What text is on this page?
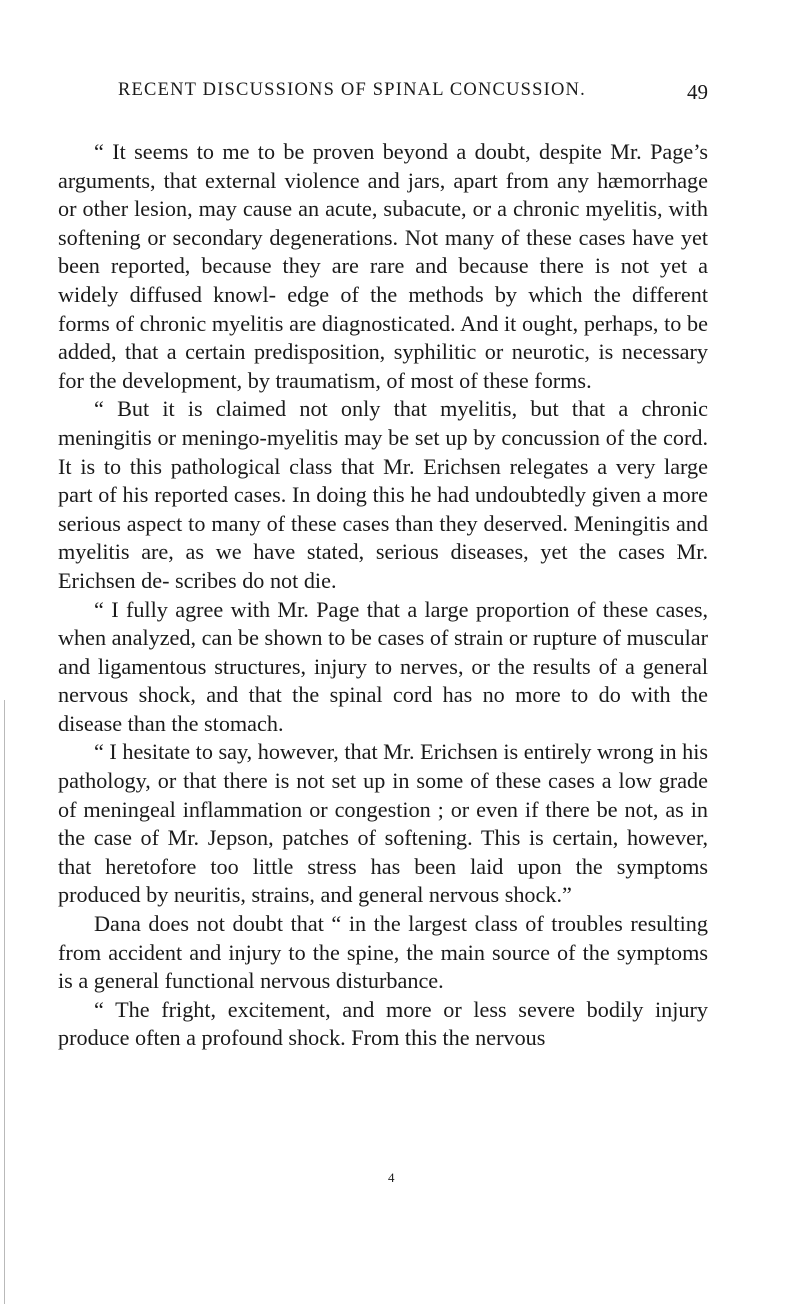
RECENT DISCUSSIONS OF SPINAL CONCUSSION.	49

“ It seems to me to be proven beyond a doubt, despite Mr. Page’s arguments, that external violence and jars, apart from any hæmorrhage or other lesion, may cause an acute, subacute, or a chronic myelitis, with softening or secondary degenerations. Not many of these cases have yet been reported, because they are rare and because there is not yet a widely diffused knowl- edge of the methods by which the different forms of chronic myelitis are diagnosticated. And it ought, perhaps, to be added, that a certain predisposition, syphilitic or neurotic, is necessary for the development, by traumatism, of most of these forms.

“ But it is claimed not only that myelitis, but that a chronic meningitis or meningo-myelitis may be set up by concussion of the cord. It is to this pathological class that Mr. Erichsen relegates a very large part of his reported cases. In doing this he had undoubtedly given a more serious aspect to many of these cases than they deserved. Meningitis and myelitis are, as we have stated, serious diseases, yet the cases Mr. Erichsen de- scribes do not die.

“ I fully agree with Mr. Page that a large proportion of these cases, when analyzed, can be shown to be cases of strain or rupture of muscular and ligamentous structures, injury to nerves, or the results of a general nervous shock, and that the spinal cord has no more to do with the disease than the stomach.

“ I hesitate to say, however, that Mr. Erichsen is entirely wrong in his pathology, or that there is not set up in some of these cases a low grade of meningeal inflammation or congestion ; or even if there be not, as in the case of Mr. Jepson, patches of softening. This is certain, however, that heretofore too little stress has been laid upon the symptoms produced by neuritis, strains, and general nervous shock.”

Dana does not doubt that “ in the largest class of troubles resulting from accident and injury to the spine, the main source of the symptoms is a general functional nervous disturbance.

“ The fright, excitement, and more or less severe bodily injury produce often a profound shock. From this the nervous

4
